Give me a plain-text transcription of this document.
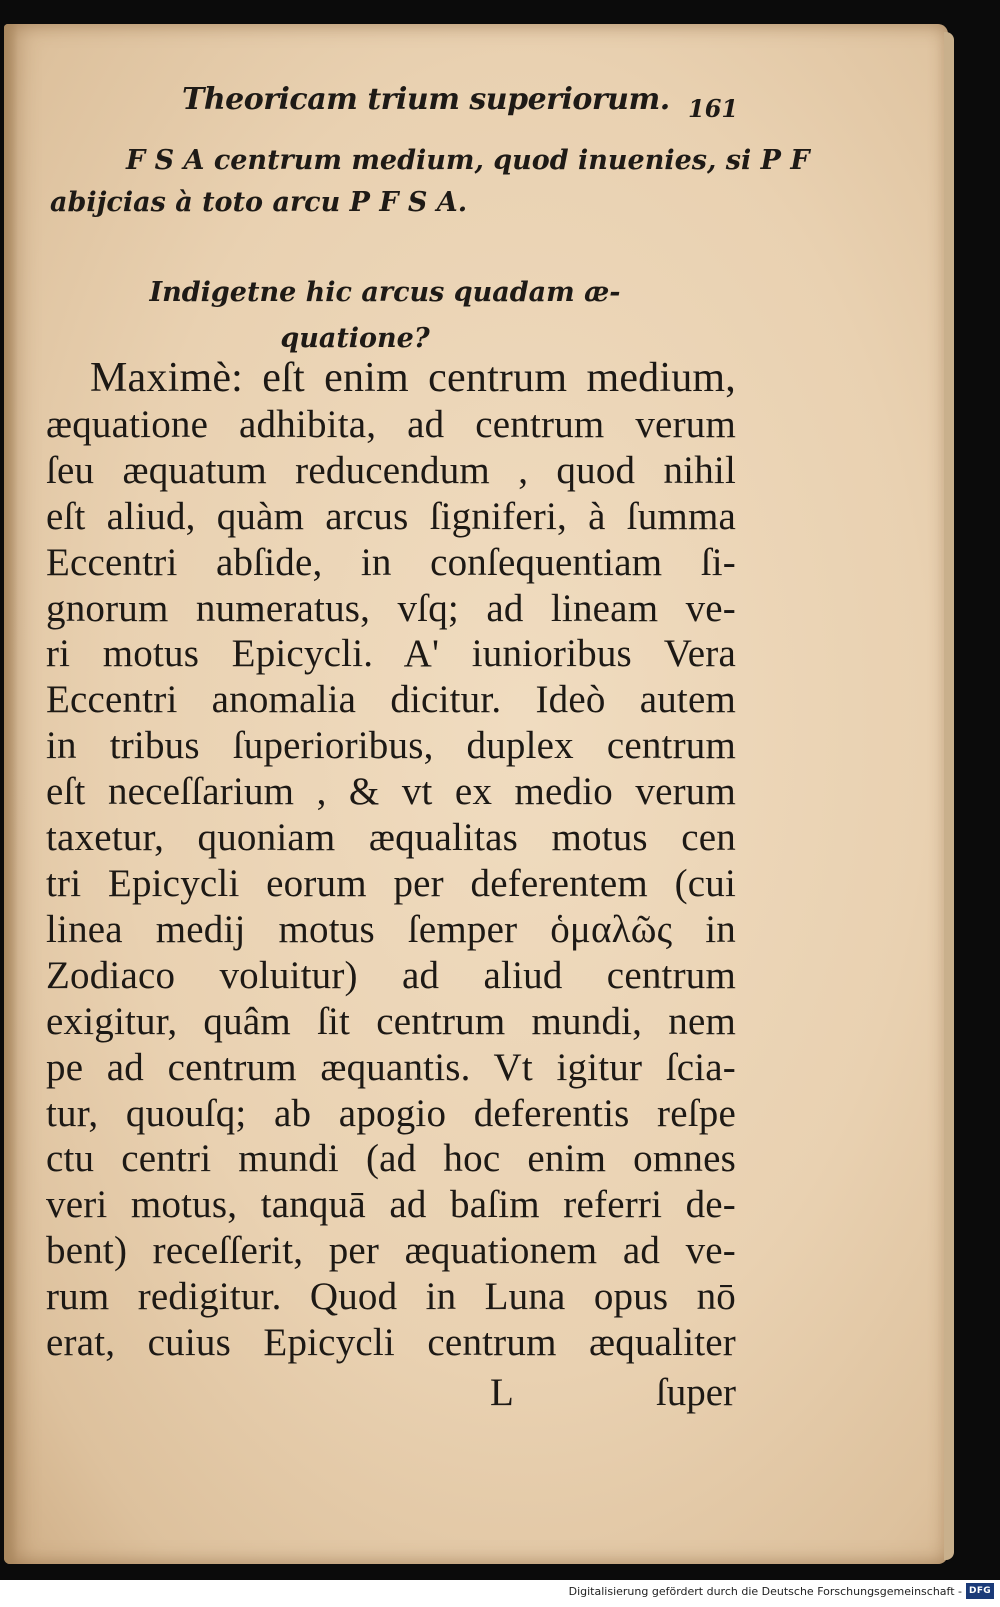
Theoricam trium superiorum. 161
F S A centrum medium, quod inuenies, si P F
abijcias à toto arcu P F S A.
Indigetne hic arcus quadam æ-
quatione?
Maximè: eſt enim centrum medium,
æquatione adhibita, ad centrum verum
ſeu æquatum reducendum , quod nihil
eſt aliud, quàm arcus ſigniferi, à ſumma
Eccentri abſide, in conſequentiam ſi-
gnorum numeratus, vſq; ad lineam ve-
ri motus Epicycli. A' iunioribus Vera
Eccentri anomalia dicitur. Ideò autem
in tribus ſuperioribus, duplex centrum
eſt neceſſarium , & vt ex medio verum
taxetur, quoniam æqualitas motus cen
tri Epicycli eorum per deferentem (cui
linea medij motus ſemper ὁμαλῶς in
Zodiaco voluitur) ad aliud centrum
exigitur, quâm ſit centrum mundi, nem
pe ad centrum æquantis. Vt igitur ſcia-
tur, quouſq; ab apogio deferentis reſpe
ctu centri mundi (ad hoc enim omnes
veri motus, tanquā ad baſim referri de-
bent) receſſerit, per æquationem ad ve-
rum redigitur. Quod in Luna opus nō
erat, cuius Epicycli centrum æqualiter
L	ſuper
Digitalisierung gefördert durch die Deutsche Forschungsgemeinschaft - DFG
